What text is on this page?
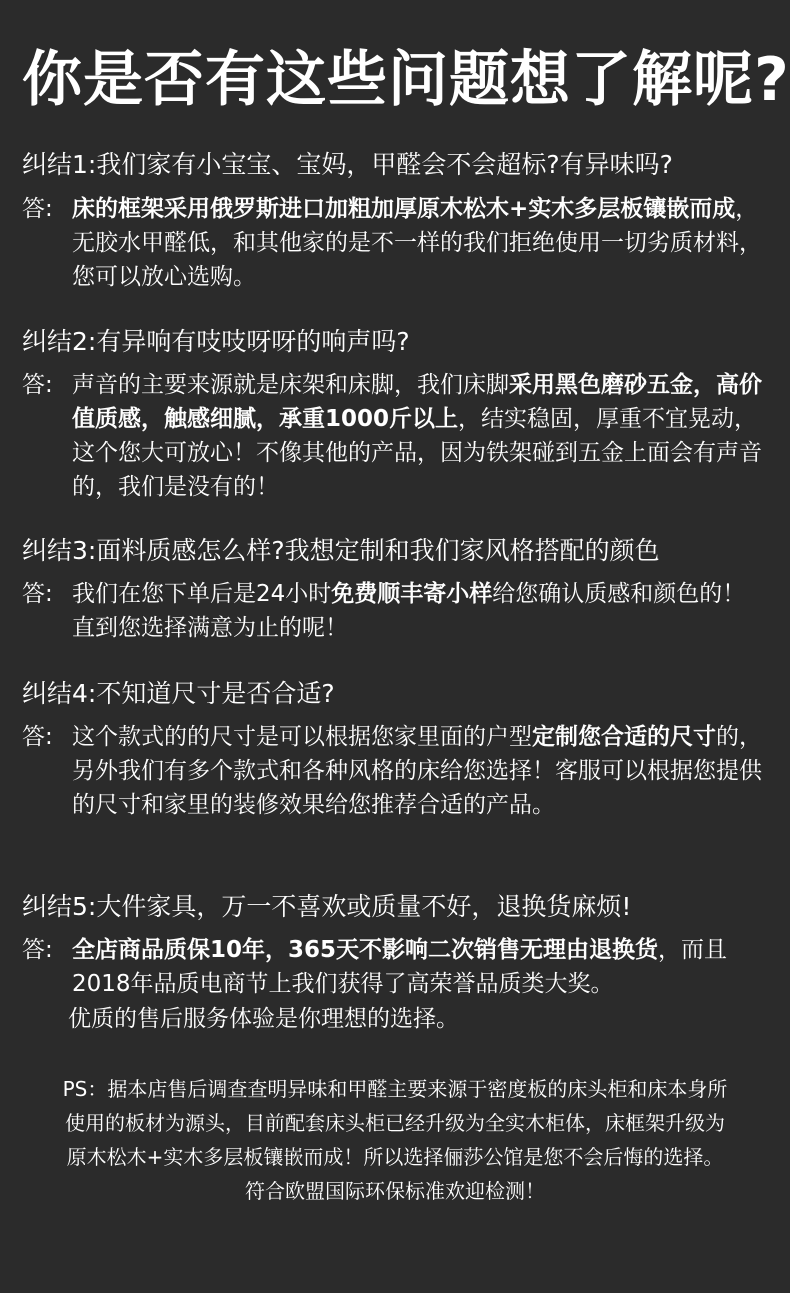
你是否有这些问题想了解呢?
纠结1:我们家有小宝宝、宝妈，甲醛会不会超标?有异味吗?
答: 床的框架采用俄罗斯进口加粗加厚原木松木+实木多层板镶嵌而成，无胶水甲醛低，和其他家的是不一样的我们拒绝使用一切劣质材料，您可以放心选购。
纠结2:有异响有吱吱呀呀的响声吗?
答: 声音的主要来源就是床架和床脚，我们床脚采用黑色磨砂五金，高价值质感，触感细腻，承重1000斤以上，结实稳固，厚重不宜晃动，这个您大可放心！不像其他的产品，因为铁架碰到五金上面会有声音的，我们是没有的！
纠结3:面料质感怎么样?我想定制和我们家风格搭配的颜色
答: 我们在您下单后是24小时免费顺丰寄小样给您确认质感和颜色的！直到您选择满意为止的呢！
纠结4:不知道尺寸是否合适?
答: 这个款式的的尺寸是可以根据您家里面的户型定制您合适的尺寸的，另外我们有多个款式和各种风格的床给您选择！客服可以根据您提供的尺寸和家里的装修效果给您推荐合适的产品。
纠结5:大件家具，万一不喜欢或质量不好，退换货麻烦!
答: 全店商品质保10年，365天不影响二次销售无理由退换货，而且2018年品质电商节上我们获得了高荣誉品质类大奖。
优质的售后服务体验是你理想的选择。
PS：据本店售后调查查明异味和甲醛主要来源于密度板的床头柜和床本身所使用的板材为源头，目前配套床头柜已经升级为全实木柜体，床框架升级为原木松木+实木多层板镶嵌而成！所以选择俪莎公馆是您不会后悔的选择。符合欧盟国际环保标准欢迎检测！
